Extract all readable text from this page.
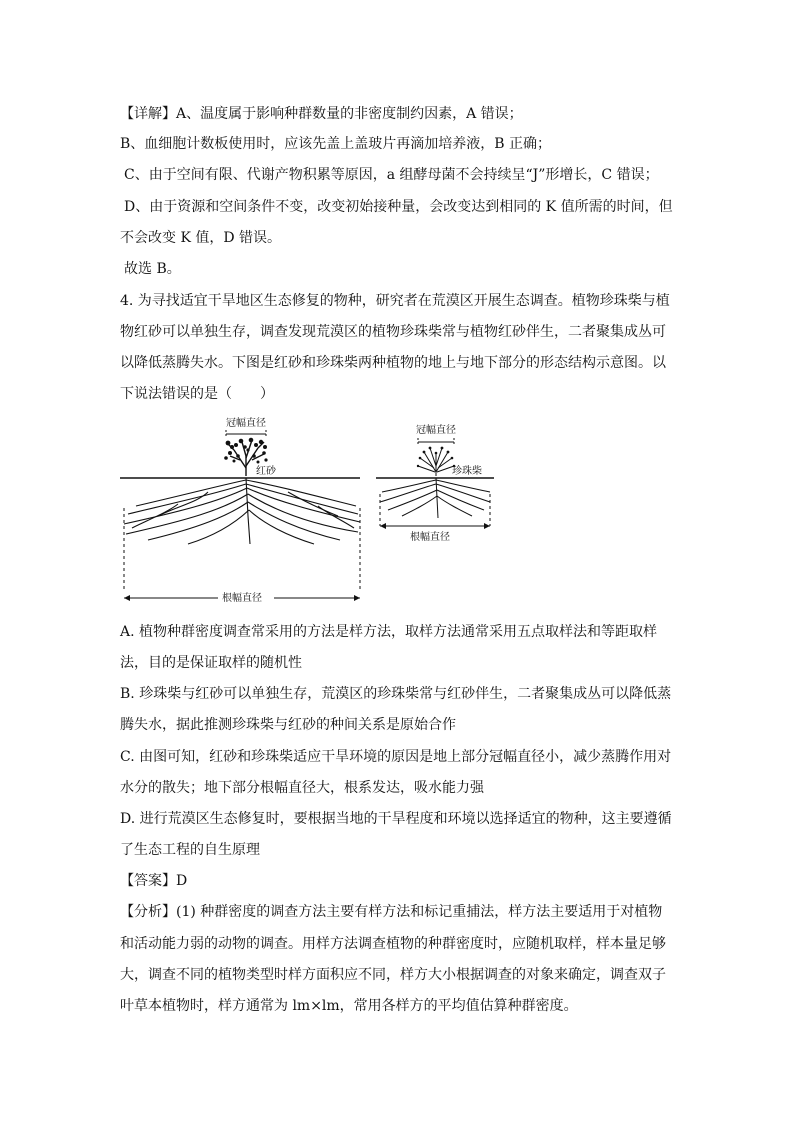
【详解】A、温度属于影响种群数量的非密度制约因素，A 错误；
B、血细胞计数板使用时，应该先盖上盖玻片再滴加培养液，B 正确；
C、由于空间有限、代谢产物积累等原因，a 组酵母菌不会持续呈“J”形增长，C 错误；
D、由于资源和空间条件不变，改变初始接种量，会改变达到相同的 K 值所需的时间，但
不会改变 K 值，D 错误。
故选 B。
4. 为寻找适宜干旱地区生态修复的物种，研究者在荒漠区开展生态调查。植物珍珠柴与植
物红砂可以单独生存，调查发现荒漠区的植物珍珠柴常与植物红砂伴生，二者聚集成丛可
以降低蒸腾失水。下图是红砂和珍珠柴两种植物的地上与地下部分的形态结构示意图。以
下说法错误的是（　　）
冠幅直径
红砂
根幅直径
冠幅直径
珍珠柴
根幅直径
A. 植物种群密度调查常采用的方法是样方法，取样方法通常采用五点取样法和等距取样
法，目的是保证取样的随机性
B. 珍珠柴与红砂可以单独生存，荒漠区的珍珠柴常与红砂伴生，二者聚集成丛可以降低蒸
腾失水，据此推测珍珠柴与红砂的种间关系是原始合作
C. 由图可知，红砂和珍珠柴适应干旱环境的原因是地上部分冠幅直径小，减少蒸腾作用对
水分的散失；地下部分根幅直径大，根系发达，吸水能力强
D. 进行荒漠区生态修复时，要根据当地的干旱程度和环境以选择适宜的物种，这主要遵循
了生态工程的自生原理
【答案】D
【分析】(1) 种群密度的调查方法主要有样方法和标记重捕法，样方法主要适用于对植物
和活动能力弱的动物的调查。用样方法调查植物的种群密度时，应随机取样，样本量足够
大，调查不同的植物类型时样方面积应不同，样方大小根据调查的对象来确定，调查双子
叶草本植物时，样方通常为 lm×lm，常用各样方的平均值估算种群密度。
